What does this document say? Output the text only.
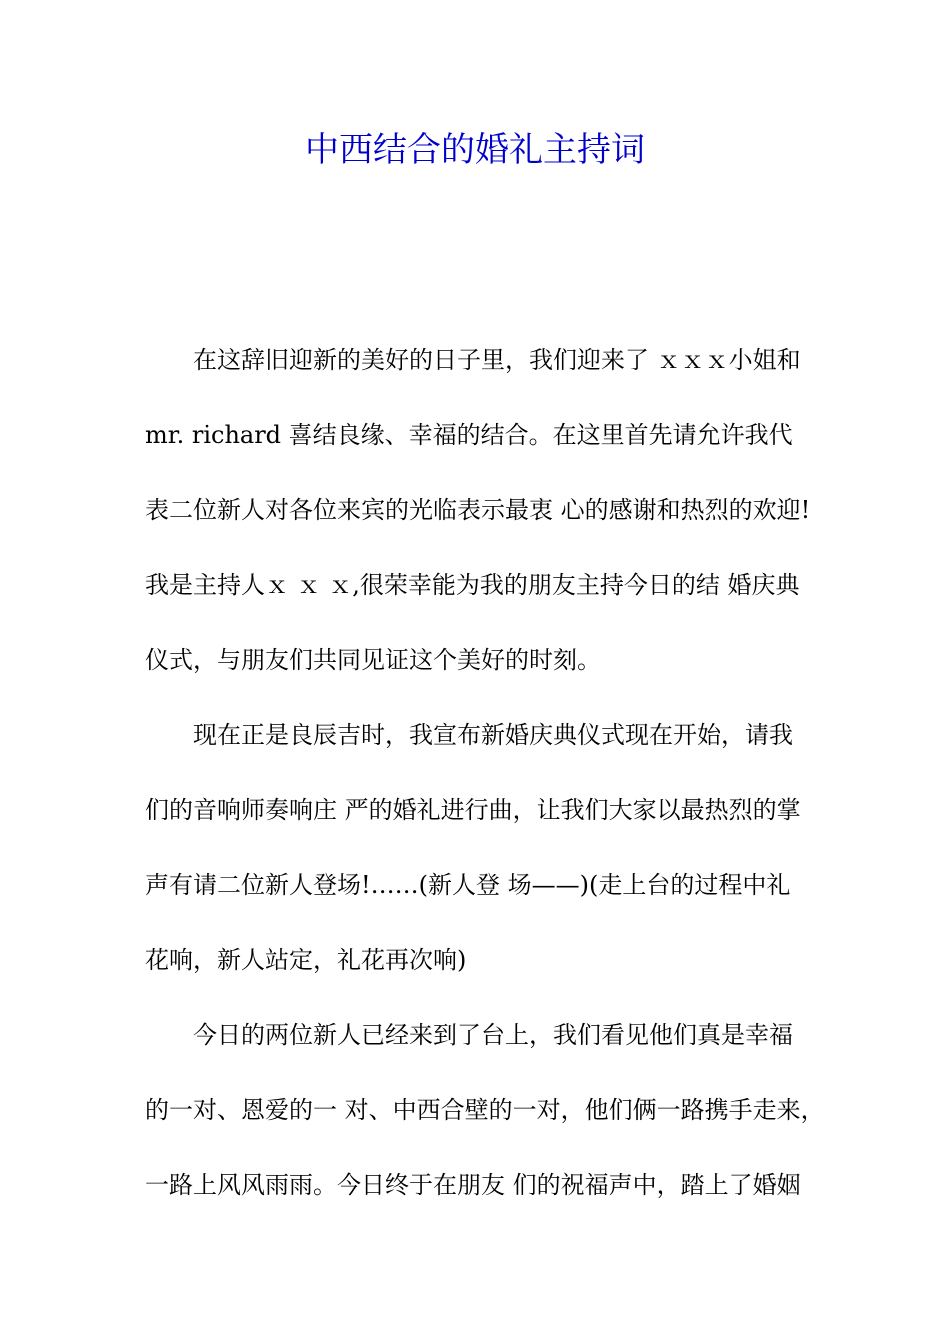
中西结合的婚礼主持词

在这辞旧迎新的美好的日子里，我们迎来了 ｘｘｘ小姐和

mr. richard 喜结良缘、幸福的结合。在这里首先请允许我代

表二位新人对各位来宾的光临表示最衷 心的感谢和热烈的欢迎!

我是主持人ｘ ｘ ｘ,很荣幸能为我的朋友主持今日的结 婚庆典

仪式，与朋友们共同见证这个美好的时刻。

现在正是良辰吉时，我宣布新婚庆典仪式现在开始，请我

们的音响师奏响庄 严的婚礼进行曲，让我们大家以最热烈的掌

声有请二位新人登场!……(新人登 场——)(走上台的过程中礼

花响，新人站定，礼花再次响)

今日的两位新人已经来到了台上，我们看见他们真是幸福

的一对、恩爱的一 对、中西合壁的一对，他们俩一路携手走来，

一路上风风雨雨。今日终于在朋友 们的祝福声中，踏上了婚姻
